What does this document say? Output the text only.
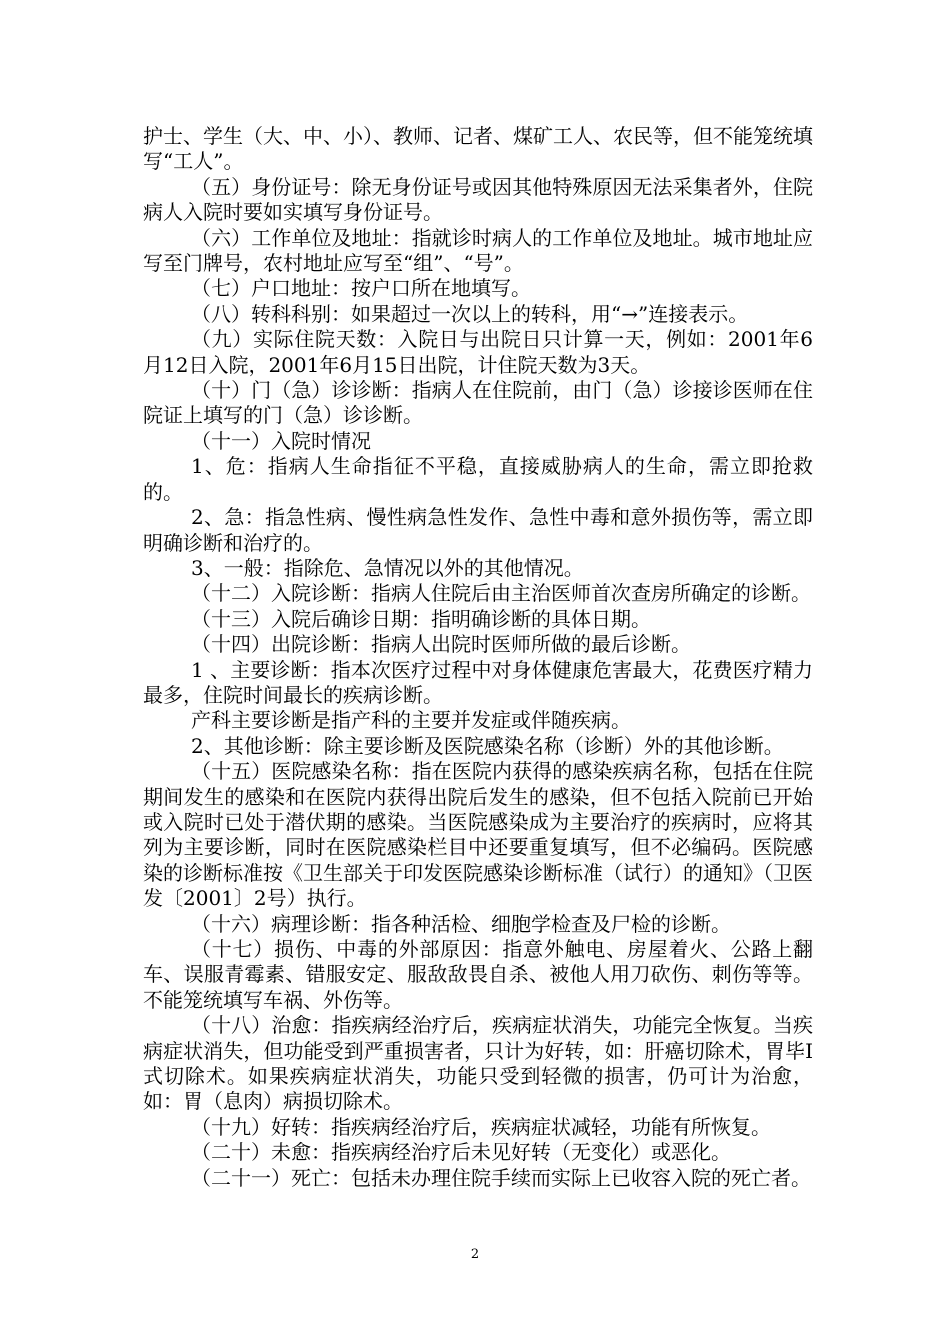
护士、学生（大、中、小）、教师、记者、煤矿工人、农民等，但不能笼统填写“工人”。

（五）身份证号：除无身份证号或因其他特殊原因无法采集者外，住院病人入院时要如实填写身份证号。

（六）工作单位及地址：指就诊时病人的工作单位及地址。城市地址应写至门牌号，农村地址应写至“组”、“号”。

（七）户口地址：按户口所在地填写。

（八）转科科别：如果超过一次以上的转科，用“→”连接表示。

（九）实际住院天数：入院日与出院日只计算一天，例如：2001年6月12日入院，2001年6月15日出院，计住院天数为3天。

（十）门（急）诊诊断：指病人在住院前，由门（急）诊接诊医师在住院证上填写的门（急）诊诊断。

（十一）入院时情况

1、危：指病人生命指征不平稳，直接威胁病人的生命，需立即抢救的。

2、急：指急性病、慢性病急性发作、急性中毒和意外损伤等，需立即明确诊断和治疗的。

3、一般：指除危、急情况以外的其他情况。

（十二）入院诊断：指病人住院后由主治医师首次查房所确定的诊断。

（十三）入院后确诊日期：指明确诊断的具体日期。

（十四）出院诊断：指病人出院时医师所做的最后诊断。

1 、主要诊断：指本次医疗过程中对身体健康危害最大，花费医疗精力最多，住院时间最长的疾病诊断。

产科主要诊断是指产科的主要并发症或伴随疾病。

2、其他诊断：除主要诊断及医院感染名称（诊断）外的其他诊断。

（十五）医院感染名称：指在医院内获得的感染疾病名称，包括在住院期间发生的感染和在医院内获得出院后发生的感染，但不包括入院前已开始或入院时已处于潜伏期的感染。当医院感染成为主要治疗的疾病时，应将其列为主要诊断，同时在医院感染栏目中还要重复填写，但不必编码。医院感染的诊断标准按《卫生部关于印发医院感染诊断标准（试行）的通知》（卫医发〔2001〕2号）执行。

（十六）病理诊断：指各种活检、细胞学检查及尸检的诊断。

（十七）损伤、中毒的外部原因：指意外触电、房屋着火、公路上翻车、误服青霉素、错服安定、服敌敌畏自杀、被他人用刀砍伤、刺伤等等。不能笼统填写车祸、外伤等。

（十八）治愈：指疾病经治疗后，疾病症状消失，功能完全恢复。当疾病症状消失，但功能受到严重损害者，只计为好转，如：肝癌切除术，胃毕Ⅰ式切除术。如果疾病症状消失，功能只受到轻微的损害，仍可计为治愈，如：胃（息肉）病损切除术。

（十九）好转：指疾病经治疗后，疾病症状减轻，功能有所恢复。

（二十）未愈：指疾病经治疗后未见好转（无变化）或恶化。

（二十一）死亡：包括未办理住院手续而实际上已收容入院的死亡者。

2
